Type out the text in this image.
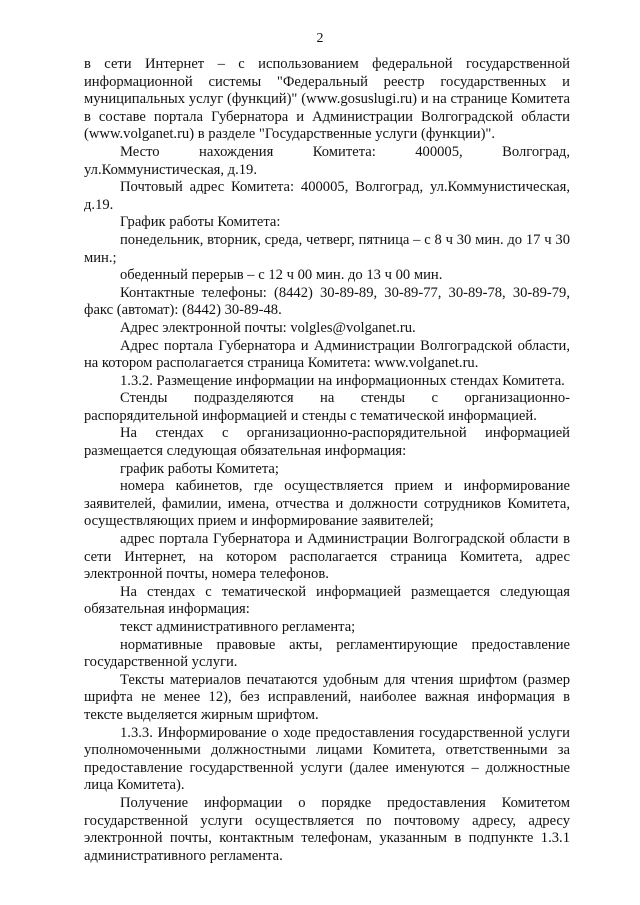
2

в сети Интернет – с использованием федеральной государственной информационной системы "Федеральный реестр государственных и муниципальных услуг (функций)" (www.gosuslugi.ru) и на странице Комитета в составе портала Губернатора и Администрации Волгоградской области (www.volganet.ru) в разделе "Государственные услуги (функции)".

Место нахождения Комитета: 400005, Волгоград, ул.Коммунистическая, д.19.

Почтовый адрес Комитета: 400005, Волгоград, ул.Коммунистическая, д.19.

График работы Комитета:

понедельник, вторник, среда, четверг, пятница – с 8 ч 30 мин. до 17 ч 30 мин.;

обеденный перерыв – с 12 ч 00 мин. до 13 ч 00 мин.

Контактные телефоны: (8442) 30-89-89, 30-89-77, 30-89-78, 30-89-79, факс (автомат): (8442) 30-89-48.

Адрес электронной почты: volgles@volganet.ru.

Адрес портала Губернатора и Администрации Волгоградской области, на котором располагается страница Комитета: www.volganet.ru.

1.3.2. Размещение информации на информационных стендах Комитета.

Стенды подразделяются на стенды с организационно-распорядительной информацией и стенды с тематической информацией.

На стендах с организационно-распорядительной информацией размещается следующая обязательная информация:

график работы Комитета;

номера кабинетов, где осуществляется прием и информирование заявителей, фамилии, имена, отчества и должности сотрудников Комитета, осуществляющих прием и информирование заявителей;

адрес портала Губернатора и Администрации Волгоградской области в сети Интернет, на котором располагается страница Комитета, адрес электронной почты, номера телефонов.

На стендах с тематической информацией размещается следующая обязательная информация:

текст административного регламента;

нормативные правовые акты, регламентирующие предоставление государственной услуги.

Тексты материалов печатаются удобным для чтения шрифтом (размер шрифта не менее 12), без исправлений, наиболее важная информация в тексте выделяется жирным шрифтом.

1.3.3. Информирование о ходе предоставления государственной услуги уполномоченными должностными лицами Комитета, ответственными за предоставление государственной услуги (далее именуются – должностные лица Комитета).

Получение информации о порядке предоставления Комитетом государственной услуги осуществляется по почтовому адресу, адресу электронной почты, контактным телефонам, указанным в подпункте 1.3.1 административного регламента.
